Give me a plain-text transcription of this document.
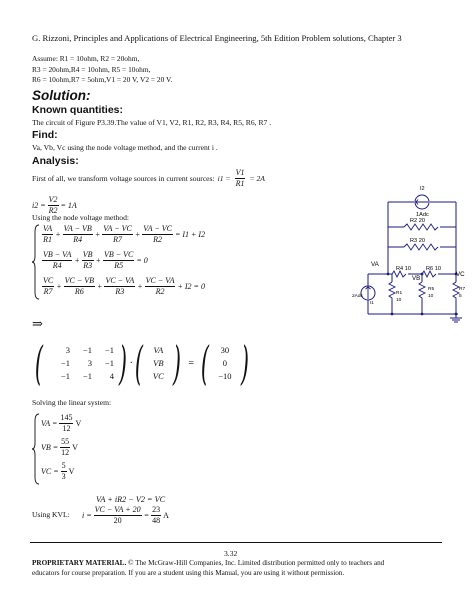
G. Rizzoni, Principles and Applications of Electrical Engineering, 5th Edition Problem solutions, Chapter 3
Assume: R1 = 10ohm, R2 = 20ohm,
R3 = 20ohm,R4 = 10ohm, R5 = 10ohm,
R6 = 10ohm,R7 = 5ohm,V1 = 20 V, V2 = 20 V.
Solution:
Known quantities:
The circuit of Figure P3.39.The value of V1, V2, R1, R2, R3, R4, R5, R6, R7 .
Find:
Va, Vb, Vc using the node voltage method, and the current i .
Analysis:
First of all, we transform voltage sources in current sources: $i1 = \frac{V1}{R1} = 2A$
$i2 = \frac{V2}{R2} = 1A$
Using the node voltage method:
$\frac{VA}{R1} + \frac{VA - VB}{R4} + \frac{VA - VC}{R7} + \frac{VA - VC}{R2} = I1 + I2$
$\frac{VB - VA}{R4} + \frac{VB}{R3} + \frac{VB - VC}{R5} = 0$
$\frac{VC}{R7} + \frac{VC - VB}{R6} + \frac{VC - VA}{R3} + \frac{VC - VA}{R2} + I2 = 0$
⇒
(	3	−1	−1
−1	3	−1
−1	−1	4 ) · (	VA
VB
VC ) = (	30
0
−10 )
Solving the linear system:
VA = $\frac{145}{12}$ V
VB = $\frac{55}{12}$ V
VC = $\frac{5}{3}$ V
VA + iR2 − V2 = VC
Using KVL: $i = \frac{VC - VA + 20}{20} = \frac{23}{48}$ A
I2
1Adc
R2 20
R3 20
VA
VB
VC
R4 10	R6 10
2Adc
I1
R1
10
R5
10
R7
5
3.32
PROPRIETARY MATERIAL. © The McGraw-Hill Companies, Inc. Limited distribution permitted only to teachers and
educators for course preparation. If you are a student using this Manual, you are using it without permission.
